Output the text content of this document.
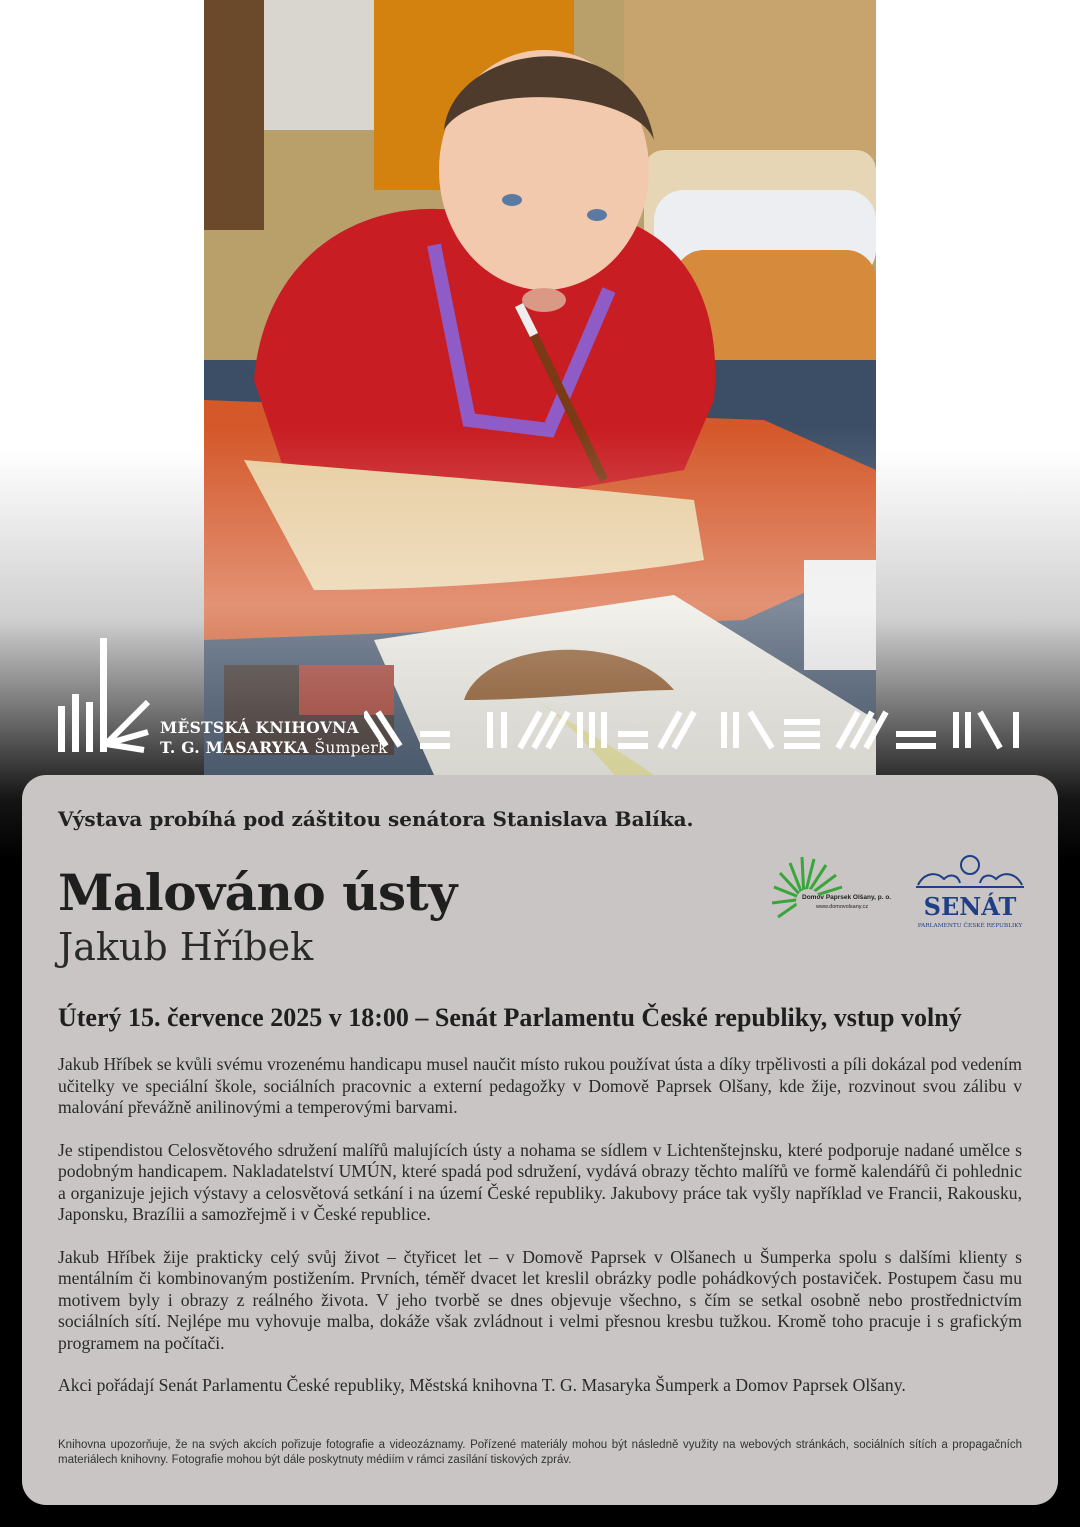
MĚSTSKÁ KNIHOVNA
T. G. MASARYKA Šumperk
Výstava probíhá pod záštitou senátora Stanislava Balíka.
Malováno ústy
Jakub Hříbek
Domov Paprsek Olšany, p. o.
www.domovolsany.cz SENÁT
PARLAMENTU ČESKÉ REPUBLIKY
Úterý 15. července 2025 v 18:00 – Senát Parlamentu České republiky, vstup volný

Jakub Hříbek se kvůli svému vrozenému handicapu musel naučit místo rukou používat ústa a díky trpělivosti a píli dokázal pod vedením učitelky ve speciální škole, sociálních pracovnic a externí pedagožky v Domově Paprsek Olšany, kde žije, rozvinout svou zálibu v malování převážně anilinovými a temperovými barvami.

Je stipendistou Celosvětového sdružení malířů malujících ústy a nohama se sídlem v Lichtenštejnsku, které podporuje nadané umělce s podobným handicapem. Nakladatelství UMÚN, které spadá pod sdružení, vydává obrazy těchto malířů ve formě kalendářů či pohlednic a organizuje jejich výstavy a celosvětová setkání i na území České republiky. Jakubovy práce tak vyšly například ve Francii, Rakousku, Japonsku, Brazílii a samozřejmě i v České republice.

Jakub Hříbek žije prakticky celý svůj život – čtyřicet let – v Domově Paprsek v Olšanech u Šumperka spolu s dalšími klienty s mentálním či kombinovaným postižením. Prvních, téměř dvacet let kreslil obrázky podle pohádkových postaviček. Postupem času mu motivem byly i obrazy z reálného života. V jeho tvorbě se dnes objevuje všechno, s čím se setkal osobně nebo prostřednictvím sociálních sítí. Nejlépe mu vyhovuje malba, dokáže však zvládnout i velmi přesnou kresbu tužkou. Kromě toho pracuje i s grafickým programem na počítači.

Akci pořádají Senát Parlamentu České republiky, Městská knihovna T. G. Masaryka Šumperk a Domov Paprsek Olšany.

Knihovna upozorňuje, že na svých akcích pořizuje fotografie a videozáznamy. Pořízené materiály mohou být následně využity na webových stránkách, sociálních sítích a propagačních materiálech knihovny. Fotografie mohou být dále poskytnuty médiím v rámci zasílání tiskových zpráv.
